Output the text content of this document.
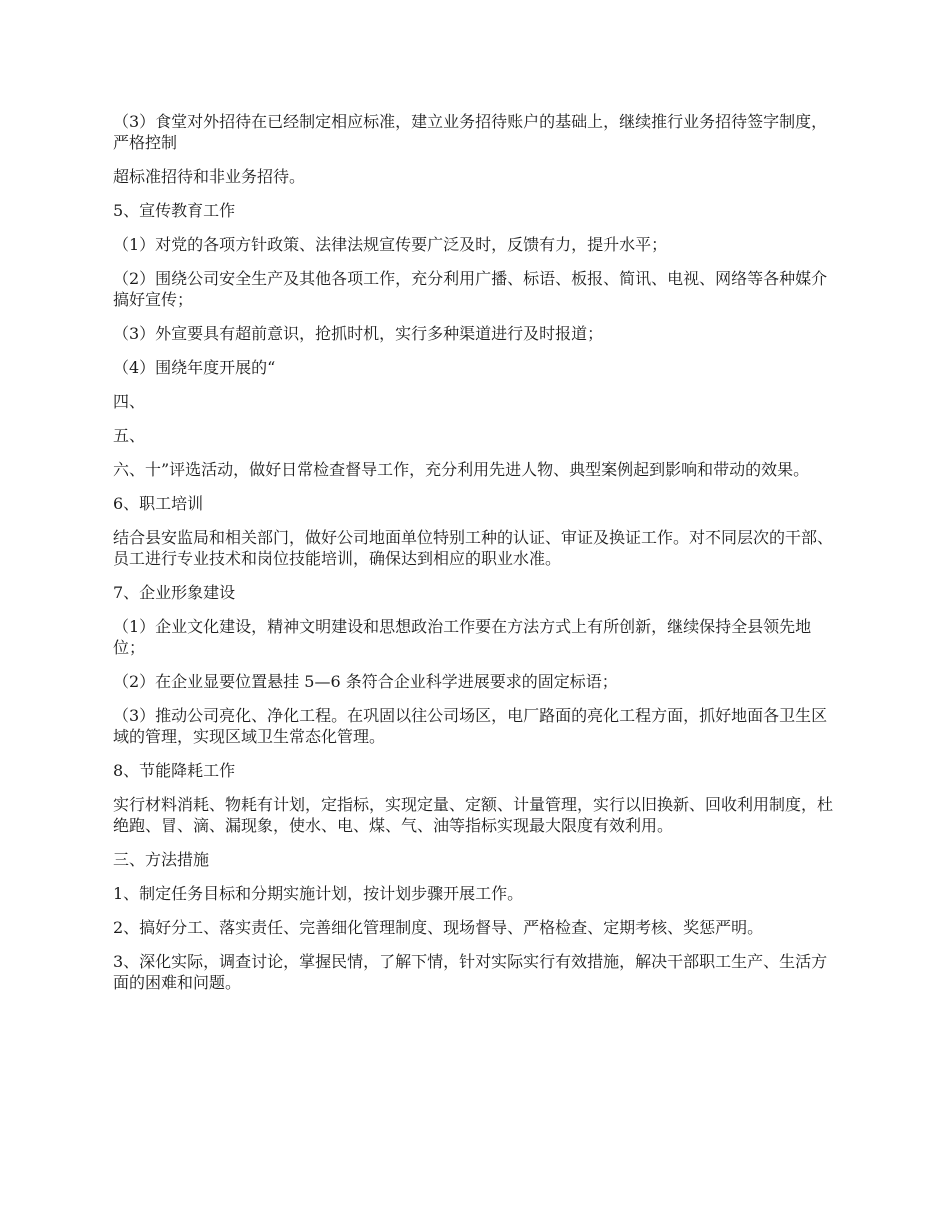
（3）食堂对外招待在已经制定相应标准，建立业务招待账户的基础上，继续推行业务招待签字制度，严格控制

超标准招待和非业务招待。

5、宣传教育工作

（1）对党的各项方针政策、法律法规宣传要广泛及时，反馈有力，提升水平；

（2）围绕公司安全生产及其他各项工作，充分利用广播、标语、板报、简讯、电视、网络等各种媒介搞好宣传；

（3）外宣要具有超前意识，抢抓时机，实行多种渠道进行及时报道；

（4）围绕年度开展的“

四、

五、

六、十”评选活动，做好日常检查督导工作，充分利用先进人物、典型案例起到影响和带动的效果。

6、职工培训

结合县安监局和相关部门，做好公司地面单位特别工种的认证、审证及换证工作。对不同层次的干部、员工进行专业技术和岗位技能培训，确保达到相应的职业水准。

7、企业形象建设

（1）企业文化建设，精神文明建设和思想政治工作要在方法方式上有所创新，继续保持全县领先地位；

（2）在企业显要位置悬挂 5—6 条符合企业科学进展要求的固定标语；

（3）推动公司亮化、净化工程。在巩固以往公司场区，电厂路面的亮化工程方面，抓好地面各卫生区域的管理，实现区域卫生常态化管理。

8、节能降耗工作

实行材料消耗、物耗有计划，定指标，实现定量、定额、计量管理，实行以旧换新、回收利用制度，杜绝跑、冒、滴、漏现象，使水、电、煤、气、油等指标实现最大限度有效利用。

三、方法措施

1、制定任务目标和分期实施计划，按计划步骤开展工作。

2、搞好分工、落实责任、完善细化管理制度、现场督导、严格检查、定期考核、奖惩严明。

3、深化实际，调查讨论，掌握民情，了解下情，针对实际实行有效措施，解决干部职工生产、生活方面的困难和问题。
